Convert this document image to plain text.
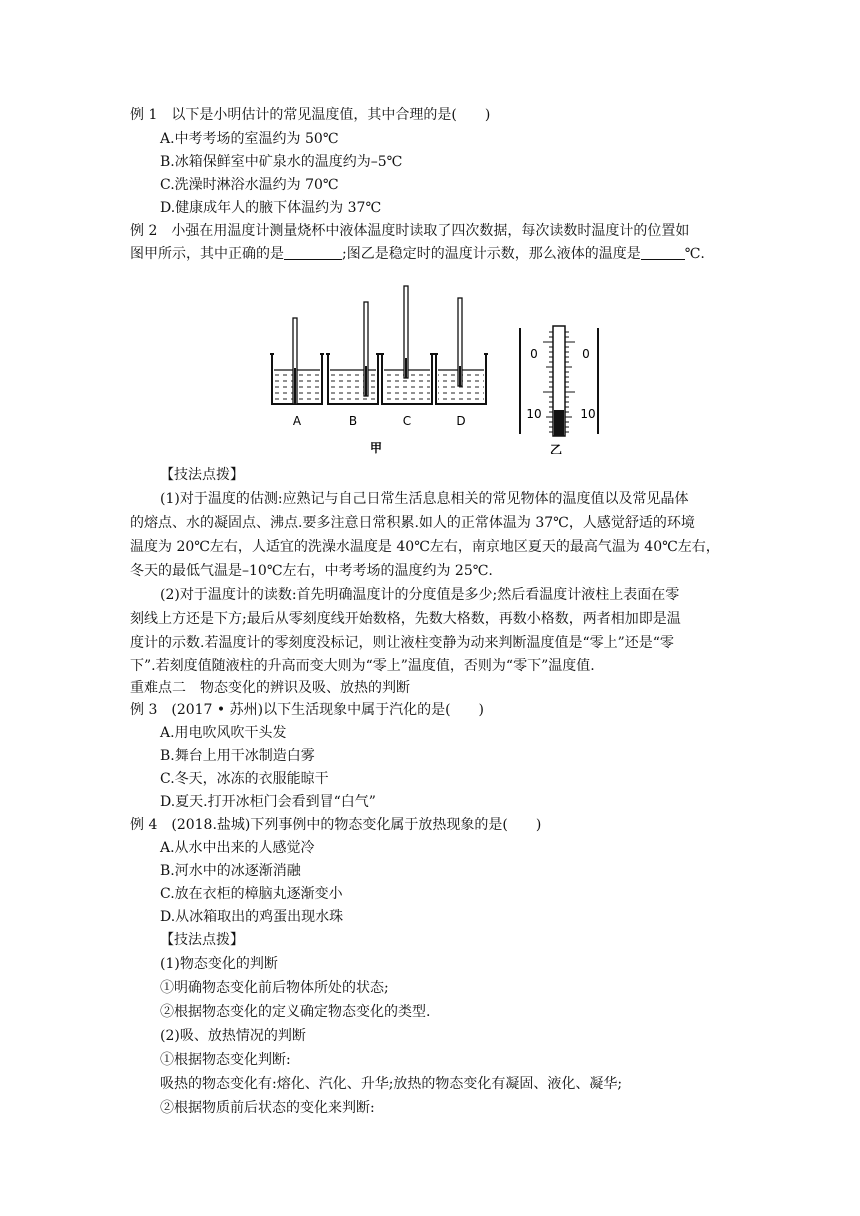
例 1　以下是小明估计的常见温度值，其中合理的是(　　)
A.中考考场的室温约为 50℃
B.冰箱保鲜室中矿泉水的温度约为–5℃
C.洗澡时淋浴水温约为 70℃
D.健康成年人的腋下体温约为 37℃
例 2　小强在用温度计测量烧杯中液体温度时读取了四次数据，每次读数时温度计的位置如
图甲所示，其中正确的是	;图乙是稳定时的温度计示数，那么液体的温度是	℃.
A	B	C	D
甲
0	0
10	10
乙
【技法点拨】
(1)对于温度的估测:应熟记与自己日常生活息息相关的常见物体的温度值以及常见晶体
的熔点、水的凝固点、沸点.要多注意日常积累.如人的正常体温为 37℃，人感觉舒适的环境
温度为 20℃左右，人适宜的洗澡水温度是 40℃左右，南京地区夏天的最高气温为 40℃左右，
冬天的最低气温是–10℃左右，中考考场的温度约为 25℃.
(2)对于温度计的读数:首先明确温度计的分度值是多少;然后看温度计液柱上表面在零
刻线上方还是下方;最后从零刻度线开始数格，先数大格数，再数小格数，两者相加即是温
度计的示数.若温度计的零刻度没标记，则让液柱变静为动来判断温度值是“零上”还是“零
下”.若刻度值随液柱的升高而变大则为“零上”温度值，否则为“零下”温度值.
重难点二　物态变化的辨识及吸、放热的判断
例 3　(2017 • 苏州)以下生活现象中属于汽化的是(　　)
A.用电吹风吹干头发
B.舞台上用干冰制造白雾
C.冬天，冰冻的衣服能晾干
D.夏天.打开冰柜门会看到冒“白气”
例 4　(2018.盐城)下列事例中的物态变化属于放热现象的是(　　)
A.从水中出来的人感觉冷
B.河水中的冰逐渐消融
C.放在衣柜的樟脑丸逐渐变小
D.从冰箱取出的鸡蛋出现水珠
【技法点拨】
(1)物态变化的判断
①明确物态变化前后物体所处的状态;
②根据物态变化的定义确定物态变化的类型.
(2)吸、放热情况的判断
①根据物态变化判断:
吸热的物态变化有:熔化、汽化、升华;放热的物态变化有凝固、液化、凝华;
②根据物质前后状态的变化来判断:
